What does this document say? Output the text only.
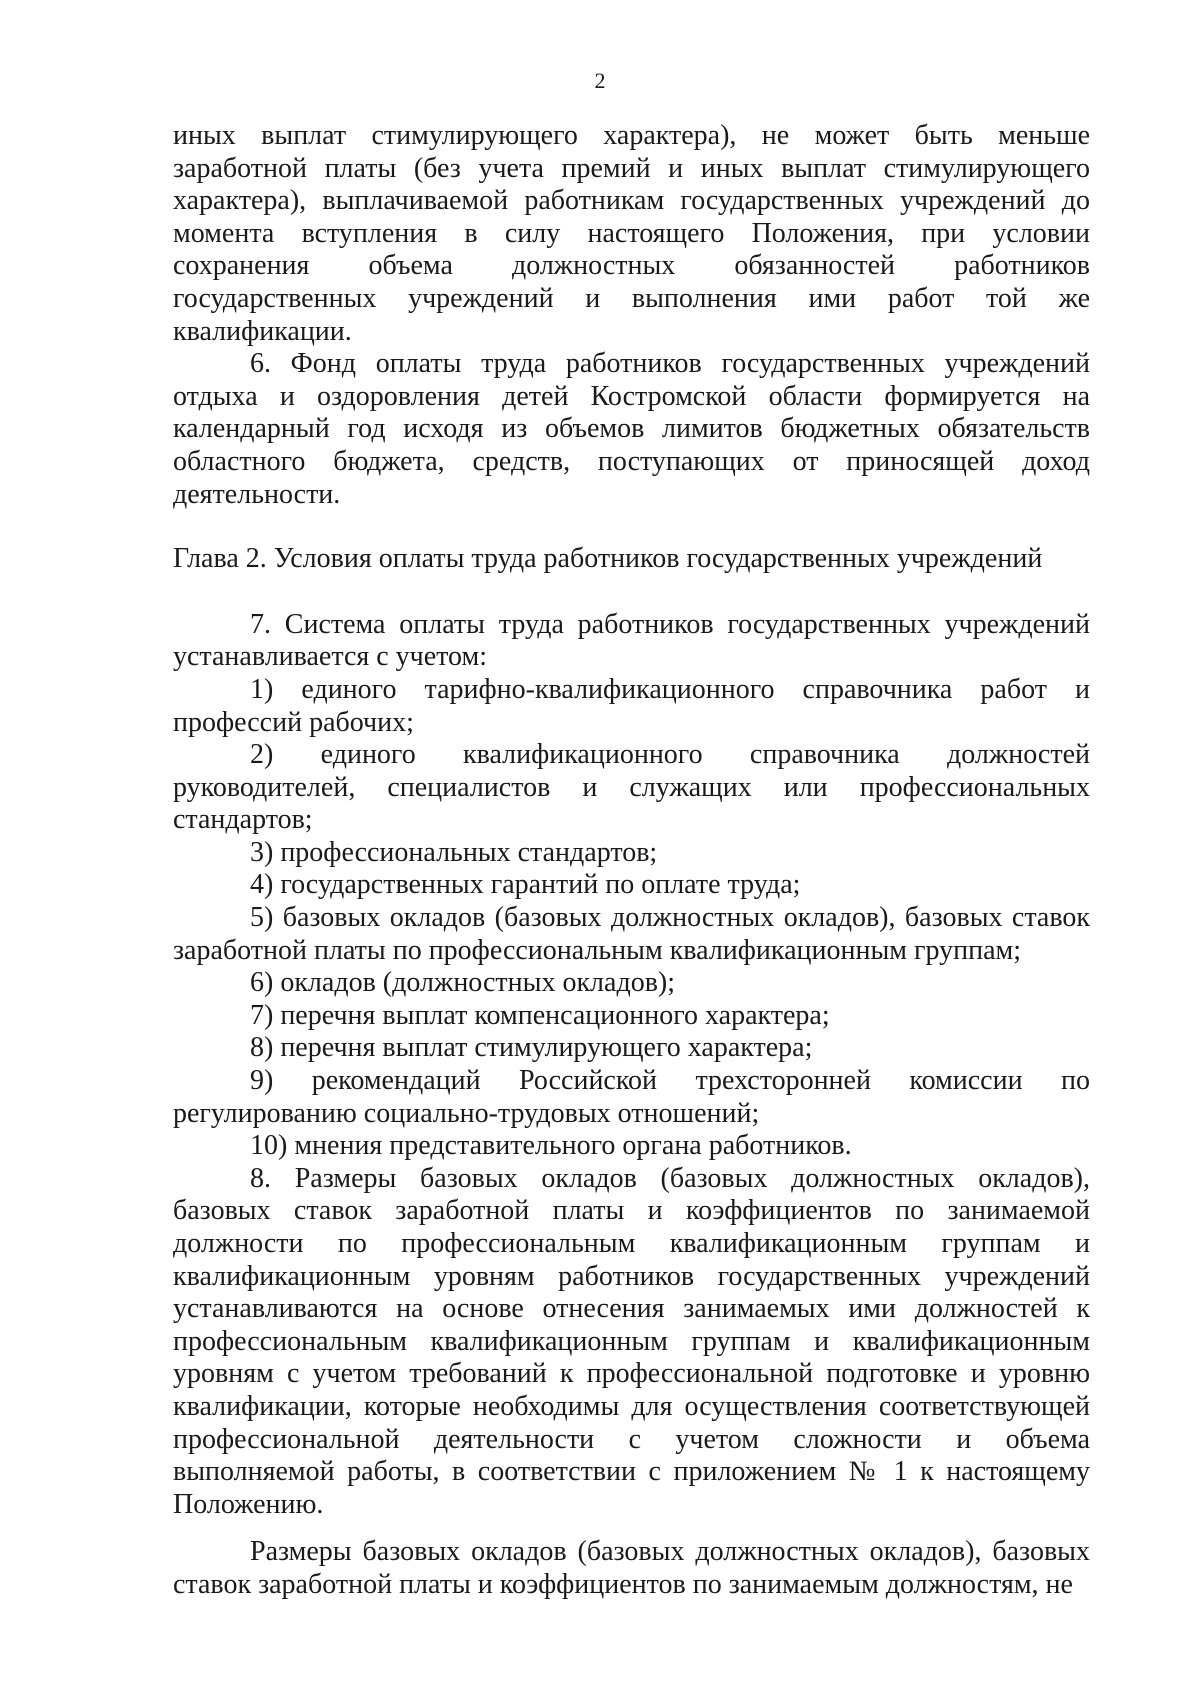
2

иных выплат стимулирующего характера), не может быть меньше заработной платы (без учета премий и иных выплат стимулирующего характера), выплачиваемой работникам государственных учреждений до момента вступления в силу настоящего Положения, при условии сохранения объема должностных обязанностей работников государственных учреждений и выполнения ими работ той же квалификации.

6. Фонд оплаты труда работников государственных учреждений отдыха и оздоровления детей Костромской области формируется на календарный год исходя из объемов лимитов бюджетных обязательств областного бюджета, средств, поступающих от приносящей доход деятельности.

Глава 2. Условия оплаты труда работников государственных учреждений

7. Система оплаты труда работников государственных учреждений устанавливается с учетом:

1) единого тарифно-квалификационного справочника работ и профессий рабочих;

2) единого квалификационного справочника должностей руководителей, специалистов и служащих или профессиональных стандартов;

3) профессиональных стандартов;

4) государственных гарантий по оплате труда;

5) базовых окладов (базовых должностных окладов), базовых ставок заработной платы по профессиональным квалификационным группам;

6) окладов (должностных окладов);

7) перечня выплат компенсационного характера;

8) перечня выплат стимулирующего характера;

9) рекомендаций Российской трехсторонней комиссии по регулированию социально-трудовых отношений;

10) мнения представительного органа работников.

8. Размеры базовых окладов (базовых должностных окладов), базовых ставок заработной платы и коэффициентов по занимаемой должности по профессиональным квалификационным группам и квалификационным уровням работников государственных учреждений устанавливаются на основе отнесения занимаемых ими должностей к профессиональным квалификационным группам и квалификационным уровням с учетом требований к профессиональной подготовке и уровню квалификации, которые необходимы для осуществления соответствующей профессиональной деятельности с учетом сложности и объема выполняемой работы, в соответствии с приложением № 1 к настоящему Положению.

Размеры базовых окладов (базовых должностных окладов), базовых ставок заработной платы и коэффициентов по занимаемым должностям, не
